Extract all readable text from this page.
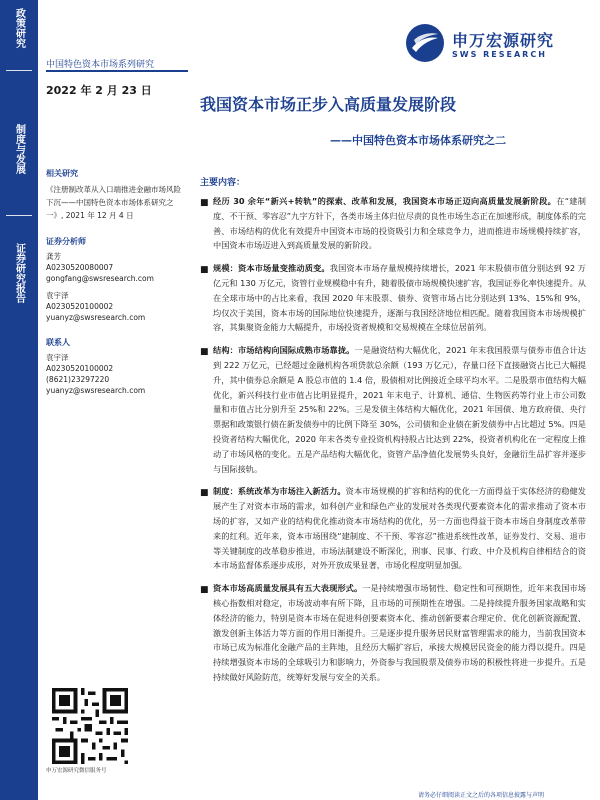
政策研究
制度与发展
证券研究报告
中国特色资本市场系列研究
申万宏源研究
SWS RESEARCH
2022 年 2 月 23 日
我国资本市场正步入高质量发展阶段
——中国特色资本市场体系研究之二
相关研究
《注册制改革从入口端推进金融市场风险下沉——中国特色资本市场体系研究之一》, 2021 年 12 月 4 日
证券分析师
龚芳
A0230520080007
gongfang@swsresearch.com
袁宇泽
A0230520100002
yuanyz@swsresearch.com
联系人
袁宇泽
A0230520100002
(8621)23297220
yuanyz@swsresearch.com
申万宏源研究微信服务号
主要内容：
■ 经历 30 余年“新兴+转轨”的探索、改革和发展，我国资本市场正迈向高质量发展新阶段。在“建制度、不干预、零容忍”九字方针下，各类市场主体归位尽责的良性市场生态正在加速形成，制度体系的完善、市场结构的优化有效提升中国资本市场的投资吸引力和全球竞争力，进而推进市场规模持续扩容，中国资本市场迈进入到高质量发展的新阶段。
■ 规模：资本市场量变推动质变。我国资本市场存量规模持续增长，2021 年末股债市值分别达到 92 万亿元和 130 万亿元，资管行业规模稳中有升，随着股债市场规模快速扩容，我国证券化率快速提升。从在全球市场中的占比来看，我国 2020 年末股票、债券、资管市场占比分别达到 13%、15%和 9%，均仅次于美国，资本市场的国际地位快速提升，逐渐与我国经济地位相匹配。随着我国资本市场规模扩容，其集聚资金能力大幅提升，市场投资者规模和交易规模在全球位居前列。
■ 结构：市场结构向国际成熟市场靠拢。一是融资结构大幅优化，2021 年末我国股票与债券市值合计达到 222 万亿元，已经超过金融机构各项贷款总余额（193 万亿元），存量口径下直接融资占比已大幅提升，其中债券总余额是 A 股总市值的 1.4 倍，股债相对比例接近全球平均水平。二是股票市值结构大幅优化，新兴科技行业市值占比明显提升，2021 年末电子、计算机、通信、生物医药等行业上市公司数量和市值占比分别升至 25%和 22%。三是发债主体结构大幅优化，2021 年国债、地方政府债、央行票据和政策银行债在新发债券中的比例下降至 30%，公司债和企业债在新发债券中占比超过 5%。四是投资者结构大幅优化，2020 年末各类专业投资机构持股占比达到 22%，投资者机构化在一定程度上推动了市场风格的变化。五是产品结构大幅优化，资管产品净值化发展势头良好，金融衍生品扩容并逐步与国际接轨。
■ 制度：系统改革为市场注入新活力。资本市场规模的扩容和结构的优化一方面得益于实体经济的稳健发展产生了对资本市场的需求，如科创产业和绿色产业的发展对各类现代要素资本化的需求推动了资本市场的扩容，又如产业的结构优化推动资本市场结构的优化，另一方面也得益于资本市场自身制度改革带来的红利。近年来，资本市场围绕“建制度、不干预、零容忍”推进系统性改革，证券发行、交易、退市等关键制度的改革稳步推进，市场法制建设不断深化，刑事、民事、行政、中介及机构自律相结合的资本市场监督体系逐步成形，对外开放成果显著，市场化程度明显加强。
■ 资本市场高质量发展具有五大表现形式。一是持续增强市场韧性、稳定性和可预期性，近年来我国市场核心指数相对稳定，市场波动率有所下降，且市场的可预期性在增强。二是持续提升服务国家战略和实体经济的能力，特别是资本市场在促进科创要素资本化、推动创新要素合理定价、优化创新资源配置、激发创新主体活力等方面的作用日渐提升。三是逐步提升服务居民财富管理需求的能力，当前我国资本市场已成为标准化金融产品的主阵地，且经历大幅扩容后，承接大规模居民资金的能力得以提升。四是持续增强资本市场的全球吸引力和影响力，外资参与我国股票及债券市场的积极性将进一步提升。五是持续做好风险防范，统筹好发展与安全的关系。
请务必仔细阅读正文之后的各项信息披露与声明
